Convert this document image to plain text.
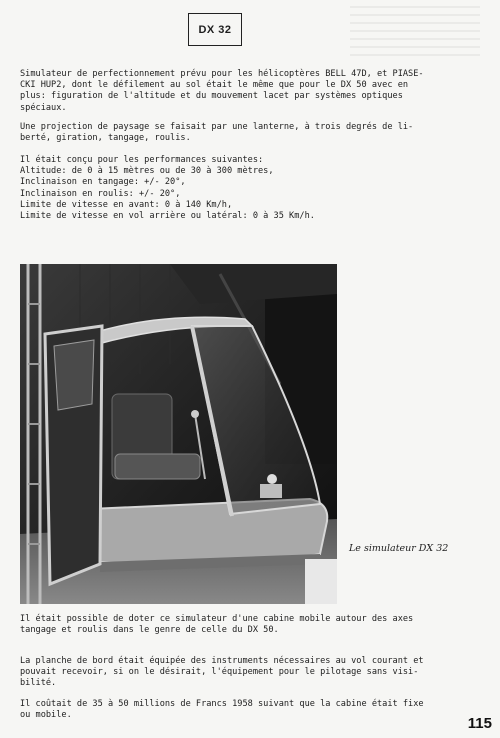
DX 32
Simulateur de perfectionnement prévu pour les hélicoptères BELL 47D, et PIASE-
CKI HUP2, dont le défilement au sol était le même que pour le DX 50 avec en
plus: figuration de l'altitude et du mouvement lacet par systèmes optiques
spéciaux.
Une projection de paysage se faisait par une lanterne, à trois degrés de li-
berté, giration, tangage, roulis.
Il était conçu pour les performances suivantes:
Altitude: de 0 à 15 mètres ou de 30 à 300 mètres,
Inclinaison en tangage: +/- 20°,
Inclinaison en roulis: +/- 20°,
Limite de vitesse en avant: 0 à 140 Km/h,
Limite de vitesse en vol arrière ou latéral: 0 à 35 Km/h.
Le simulateur DX 32
Il était possible de doter ce simulateur d'une cabine mobile autour des axes
tangage et roulis dans le genre de celle du DX 50.
La planche de bord était équipée des instruments nécessaires au vol courant et
pouvait recevoir, si on le désirait, l'équipement pour le pilotage sans visi-
bilité.
Il coûtait de 35 à 50 millions de Francs 1958 suivant que la cabine était fixe
ou mobile.	115
